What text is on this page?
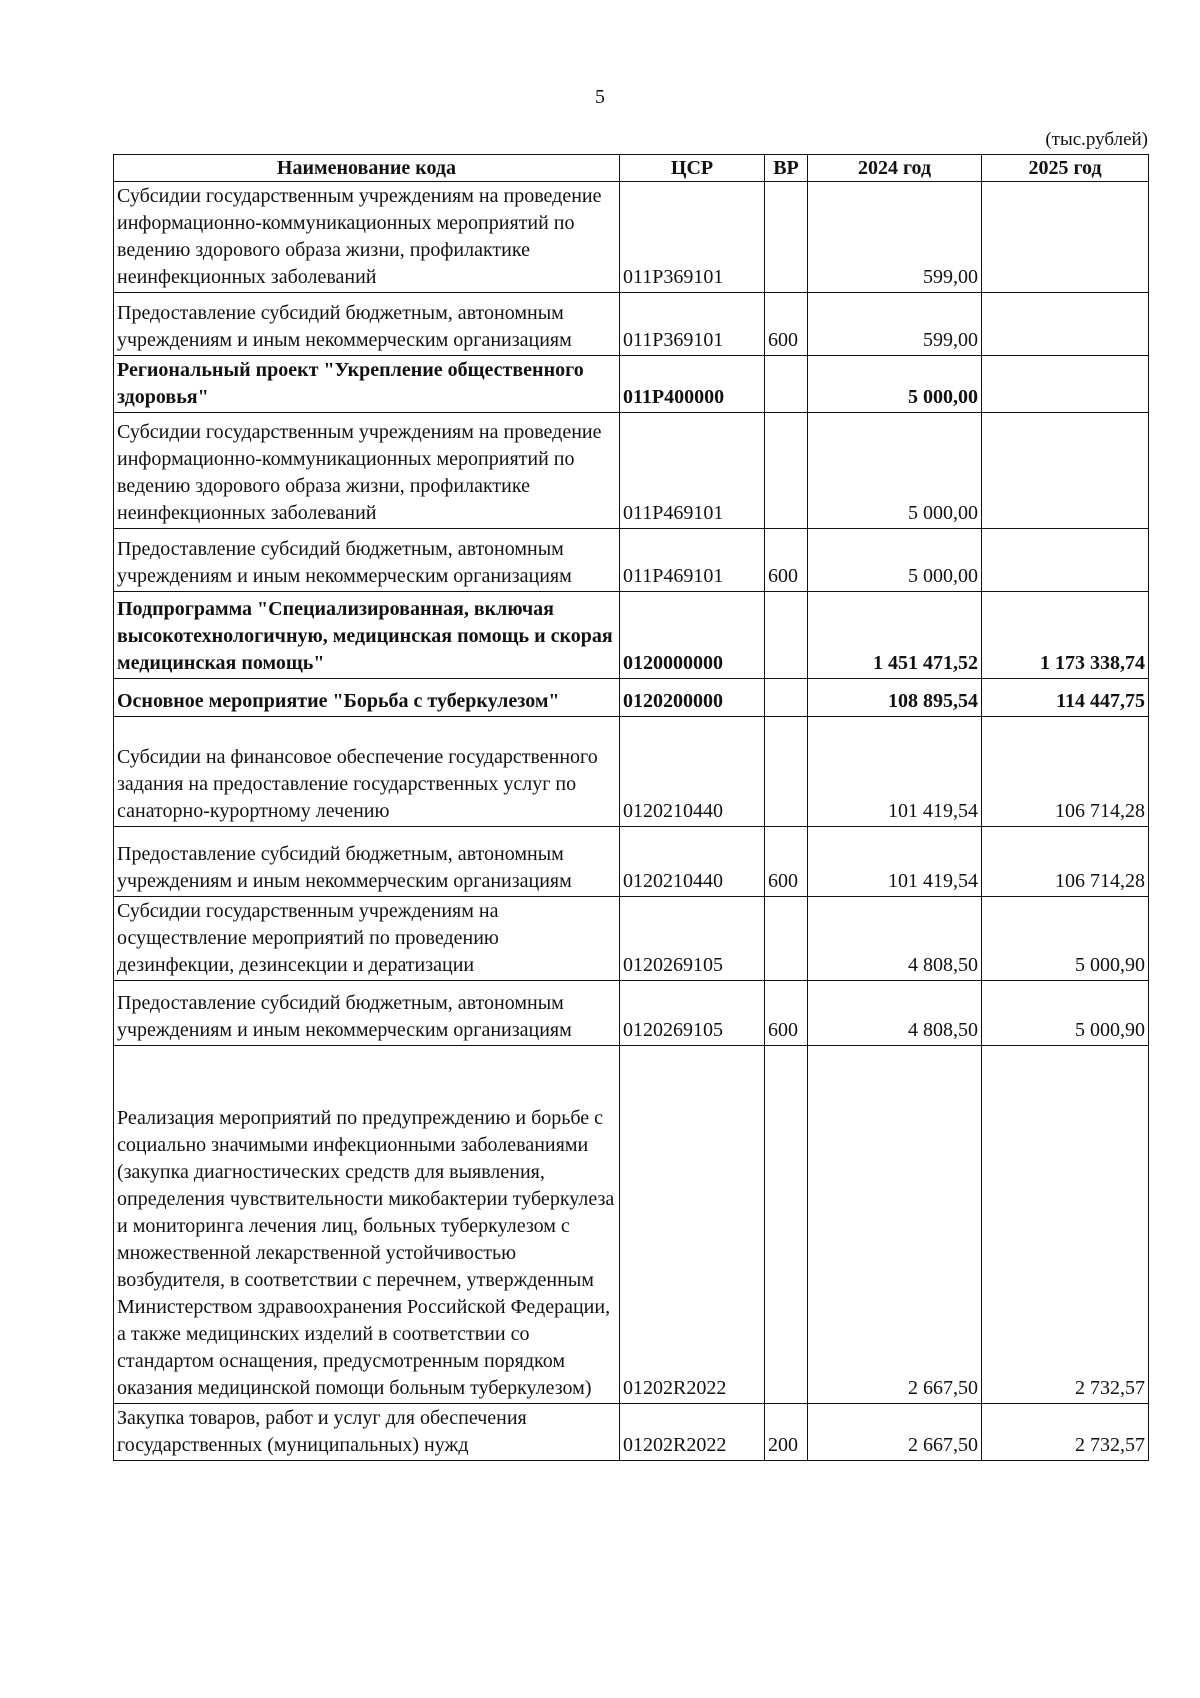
5
(тыс.рублей)
Наименование кода	ЦСР	ВР	2024 год	2025 год
Субсидии государственным учреждениям на проведение информационно-коммуникационных мероприятий по ведению здорового образа жизни, профилактике неинфекционных заболеваний	011P369101		599,00	
Предоставление субсидий бюджетным, автономным учреждениям и иным некоммерческим организациям	011P369101	600	599,00	
Региональный проект "Укрепление общественного здоровья"	011P400000		5 000,00	
Субсидии государственным учреждениям на проведение информационно-коммуникационных мероприятий по ведению здорового образа жизни, профилактике неинфекционных заболеваний	011P469101		5 000,00	
Предоставление субсидий бюджетным, автономным учреждениям и иным некоммерческим организациям	011P469101	600	5 000,00	
Подпрограмма "Специализированная, включая высокотехнологичную, медицинская помощь и скорая медицинская помощь"	0120000000		1 451 471,52	1 173 338,74
Основное мероприятие "Борьба с туберкулезом"	0120200000		108 895,54	114 447,75
Субсидии на финансовое обеспечение государственного задания на предоставление государственных услуг по санаторно-курортному лечению	0120210440		101 419,54	106 714,28
Предоставление субсидий бюджетным, автономным учреждениям и иным некоммерческим организациям	0120210440	600	101 419,54	106 714,28
Субсидии государственным учреждениям на осуществление мероприятий по проведению дезинфекции, дезинсекции и дератизации	0120269105		4 808,50	5 000,90
Предоставление субсидий бюджетным, автономным учреждениям и иным некоммерческим организациям	0120269105	600	4 808,50	5 000,90
Реализация мероприятий по предупреждению и борьбе с социально значимыми инфекционными заболеваниями (закупка диагностических средств для выявления, определения чувствительности микобактерии туберкулеза и мониторинга лечения лиц, больных туберкулезом с множественной лекарственной устойчивостью возбудителя, в соответствии с перечнем, утвержденным Министерством здравоохранения Российской Федерации, а также медицинских изделий в соответствии со стандартом оснащения, предусмотренным порядком оказания медицинской помощи больным туберкулезом)	01202R2022		2 667,50	2 732,57
Закупка товаров, работ и услуг для обеспечения государственных (муниципальных) нужд	01202R2022	200	2 667,50	2 732,57
